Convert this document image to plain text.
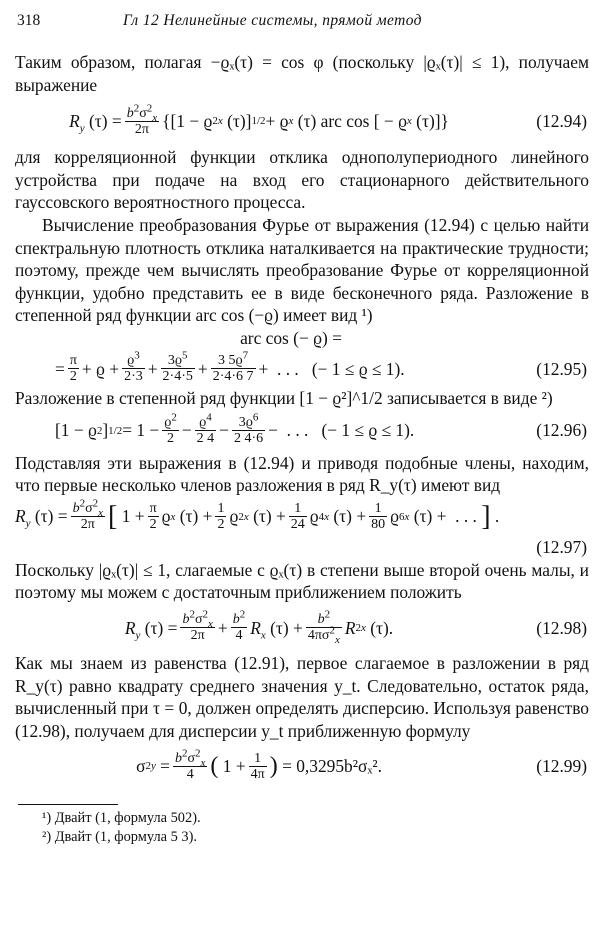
318	Гл 12 Нелинейные системы, прямой метод

Таким образом, полагая −ϱₓ(τ) = cos φ (поскольку |ϱₓ(τ)| ≤ 1), получаем выражение

$R_y$ $(\tau) = \frac{b^2\sigma^2_x}{2\pi} \{[1 - ϱ$ 2 x (τ)] 1/2 + ϱ x (τ) arc cos [ − ϱ x (τ)]}	(12.94)

для корреляционной функции отклика однополупериодного линейного устройства при подаче на вход его стационарного действительного гауссовского вероятностного процесса.

Вычисление преобразования Фурье от выражения (12.94) с целью найти спектральную плотность отклика наталкивается на практические трудности; поэтому, прежде чем вычислять преобразование Фурье от корреляционной функции, удобно представить ее в виде бесконечного ряда. Разложение в степенной ряд функции arc cos (−ϱ) имеет вид ¹)

arc cos (− ϱ) =
= $\frac{\pi}{2} + ϱ + \frac{ϱ^3}{2\cdot 3} + \frac{3ϱ^5}{2\cdot 4\cdot 5} + \frac{3 5ϱ^7}{2\cdot 4\cdot 6 7}$ +  . . . (− 1 ≤ ϱ ≤ 1).	(12.95)

Разложение в степенной ряд функции [1 − ϱ²]^1/2 записывается в виде ²)

[1 − ϱ 2 ] $1/2 = 1 - \frac{ϱ^2}{2} - \frac{ϱ^4}{2 4} - \frac{3ϱ^6}{2 4\cdot 6}$ −  . . . (− 1 ≤ ϱ ≤ 1).	(12.96)

Подставляя эти выражения в (12.94) и приводя подобные члены, находим, что первые несколько членов разложения в ряд R_y(τ) имеют вид

$R_y$ $(\tau) = \frac{b^2\sigma^2_x}{2\pi}$ [ $1 + \frac{\pi}{2}$ ϱ x $(\tau) + \frac{1}{2}$ ϱ 2 x $(\tau) + \frac{1}{24}$ ϱ 4 x $(\tau) + \frac{1}{80}$ ϱ 6 x (τ) +  . . . ] .
(12.97)

Поскольку |ϱₓ(τ)| ≤ 1, слагаемые с ϱₓ(τ) в степени выше второй очень малы, и поэтому мы можем с достаточным приближением положить

$R_y$ $(\tau) = \frac{b^2\sigma^2_x}{2\pi} + \frac{b^2}{4} R_x$ $(\tau) + \frac{b^2}{4\pi\sigma^2_x}$ R 2 x (τ).	(12.98)

Как мы знаем из равенства (12.91), первое слагаемое в разложении в ряд R_y(τ) равно квадрату среднего значения y_t. Следовательно, остаток ряда, вычисленный при τ = 0, должен определять дисперсию. Используя равенство (12.98), получаем для дисперсии y_t приближенную формулу

σ 2 $y = \frac{b^2\sigma^2_x}{4}$ ( $1 + \frac{1}{4\pi}$ )
= 0,3295b²σₓ².	(12.99)
¹) Двайт (1, формула 502).
²) Двайт (1, формула 5 3).
